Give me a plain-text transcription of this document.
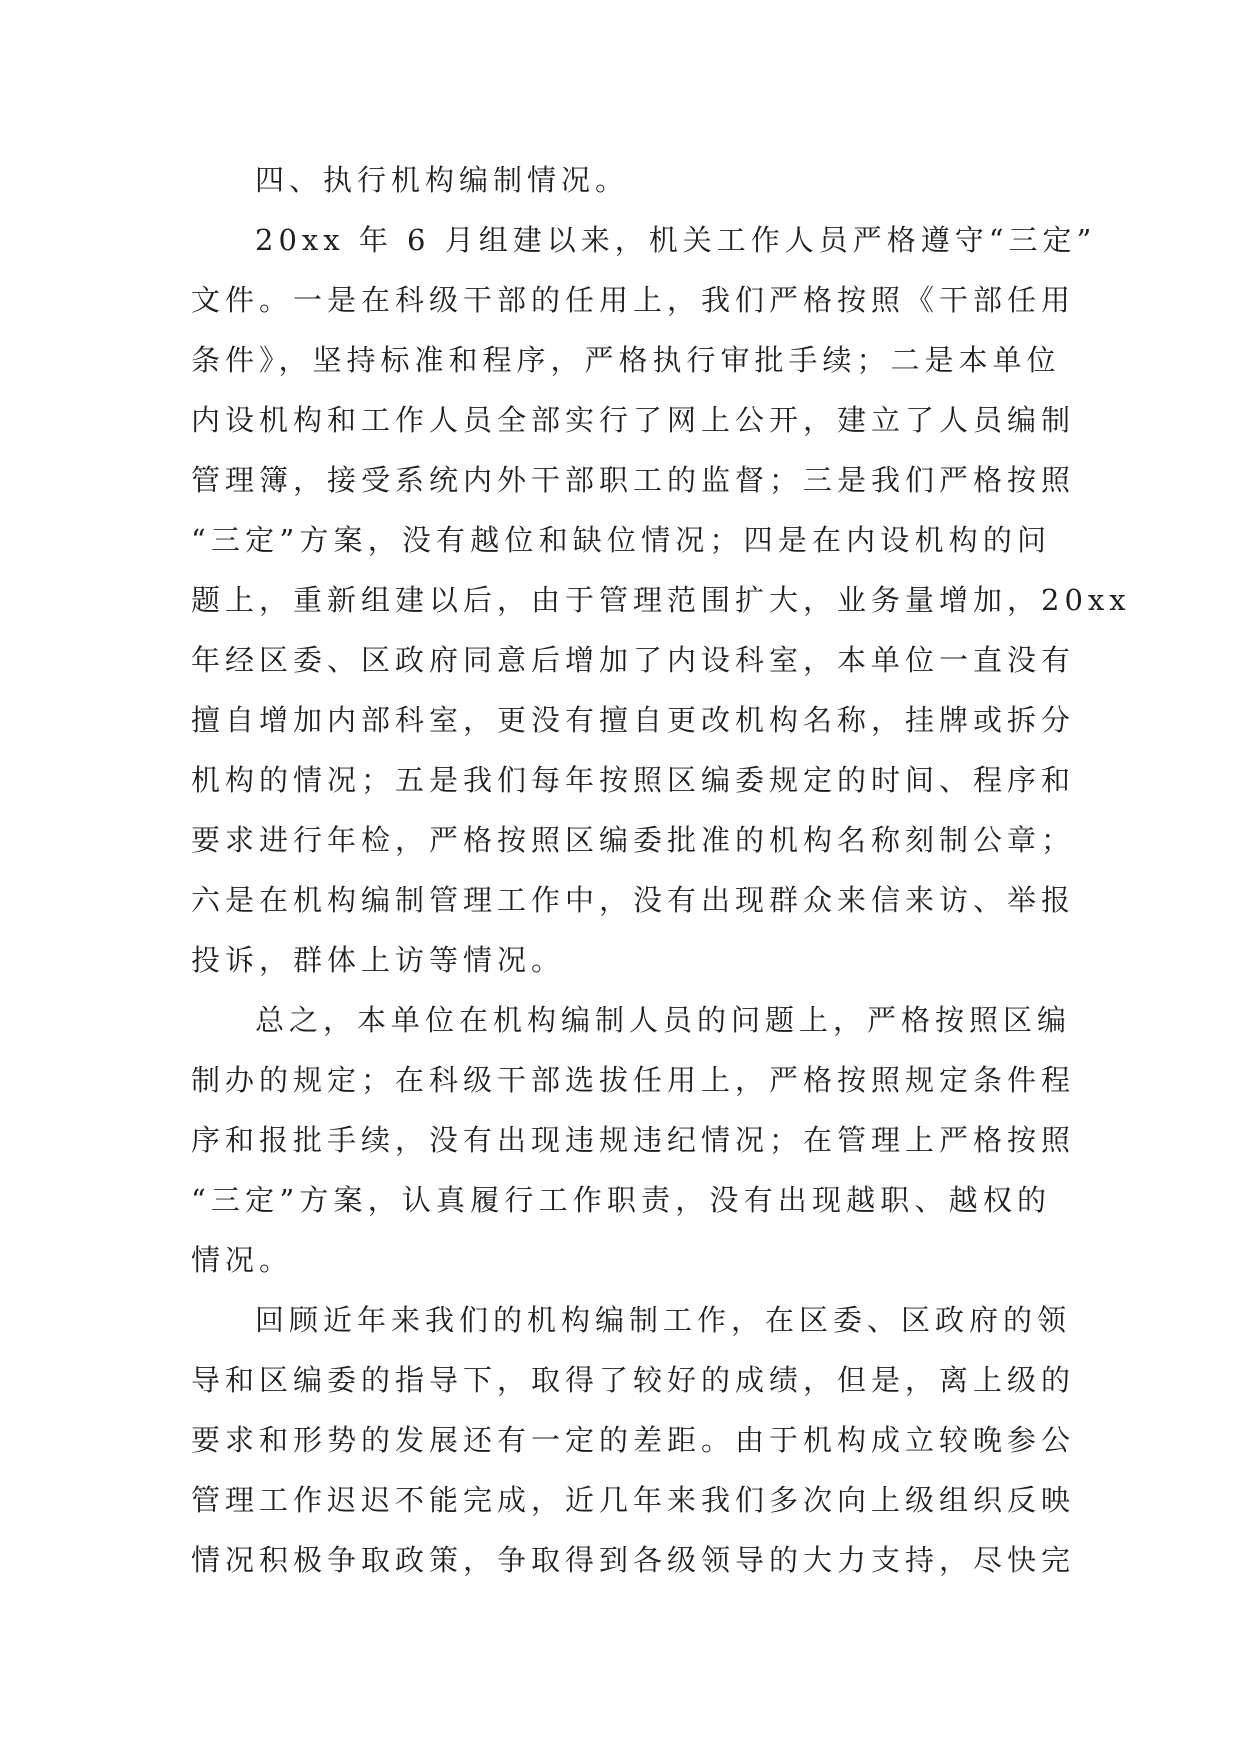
四、执行机构编制情况。
20xx 年 6 月组建以来，机关工作人员严格遵守“三定”
文件。一是在科级干部的任用上，我们严格按照《干部任用
条件》，坚持标准和程序，严格执行审批手续；二是本单位
内设机构和工作人员全部实行了网上公开，建立了人员编制
管理簿，接受系统内外干部职工的监督；三是我们严格按照
“三定”方案，没有越位和缺位情况；四是在内设机构的问
题上，重新组建以后，由于管理范围扩大，业务量增加，20xx
年经区委、区政府同意后增加了内设科室，本单位一直没有
擅自增加内部科室，更没有擅自更改机构名称，挂牌或拆分
机构的情况；五是我们每年按照区编委规定的时间、程序和
要求进行年检，严格按照区编委批准的机构名称刻制公章；
六是在机构编制管理工作中，没有出现群众来信来访、举报
投诉，群体上访等情况。
总之，本单位在机构编制人员的问题上，严格按照区编
制办的规定；在科级干部选拔任用上，严格按照规定条件程
序和报批手续，没有出现违规违纪情况；在管理上严格按照
“三定”方案，认真履行工作职责，没有出现越职、越权的
情况。
回顾近年来我们的机构编制工作，在区委、区政府的领
导和区编委的指导下，取得了较好的成绩，但是，离上级的
要求和形势的发展还有一定的差距。由于机构成立较晚参公
管理工作迟迟不能完成，近几年来我们多次向上级组织反映
情况积极争取政策，争取得到各级领导的大力支持，尽快完
